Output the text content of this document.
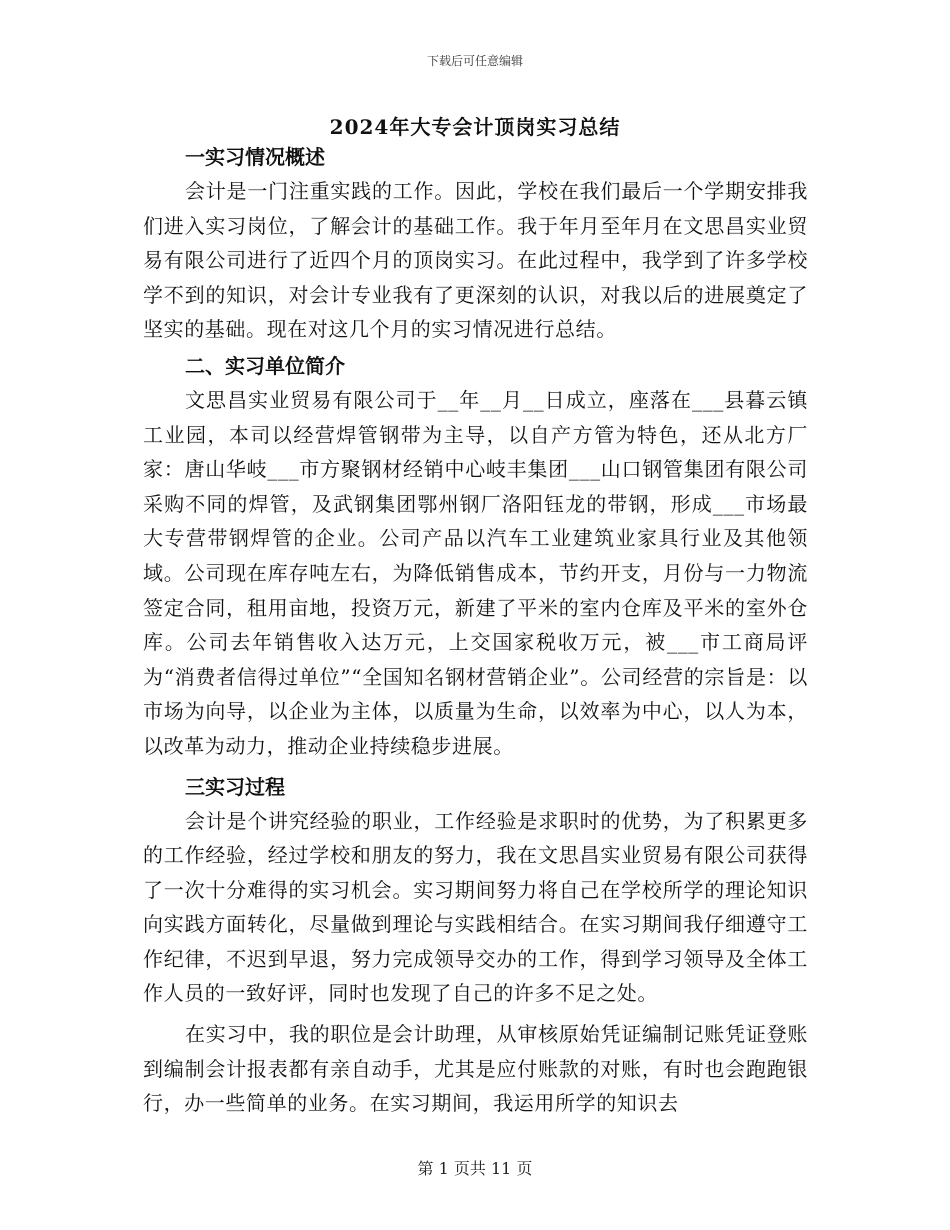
下载后可任意编辑
2024年大专会计顶岗实习总结

一实习情况概述

会计是一门注重实践的工作。因此，学校在我们最后一个学期安排我们进入实习岗位，了解会计的基础工作。我于年月至年月在文思昌实业贸易有限公司进行了近四个月的顶岗实习。在此过程中，我学到了许多学校学不到的知识，对会计专业我有了更深刻的认识，对我以后的进展奠定了坚实的基础。现在对这几个月的实习情况进行总结。

二、实习单位简介

文思昌实业贸易有限公司于__年__月__日成立，座落在___县暮云镇工业园，本司以经营焊管钢带为主导，以自产方管为特色，还从北方厂家：唐山华岐___市方聚钢材经销中心岐丰集团___山口钢管集团有限公司采购不同的焊管，及武钢集团鄂州钢厂洛阳钰龙的带钢，形成___市场最大专营带钢焊管的企业。公司产品以汽车工业建筑业家具行业及其他领域。公司现在库存吨左右，为降低销售成本，节约开支，月份与一力物流签定合同，租用亩地，投资万元，新建了平米的室内仓库及平米的室外仓库。公司去年销售收入达万元，上交国家税收万元，被___市工商局评为“消费者信得过单位”“全国知名钢材营销企业”。公司经营的宗旨是：以市场为向导，以企业为主体，以质量为生命，以效率为中心，以人为本，以改革为动力，推动企业持续稳步进展。

三实习过程

会计是个讲究经验的职业，工作经验是求职时的优势，为了积累更多的工作经验，经过学校和朋友的努力，我在文思昌实业贸易有限公司获得了一次十分难得的实习机会。实习期间努力将自己在学校所学的理论知识向实践方面转化，尽量做到理论与实践相结合。在实习期间我仔细遵守工作纪律，不迟到早退，努力完成领导交办的工作，得到学习领导及全体工作人员的一致好评，同时也发现了自己的许多不足之处。

在实习中，我的职位是会计助理，从审核原始凭证编制记账凭证登账到编制会计报表都有亲自动手，尤其是应付账款的对账，有时也会跑跑银行，办一些简单的业务。在实习期间，我运用所学的知识去

第 1 页共 11 页
